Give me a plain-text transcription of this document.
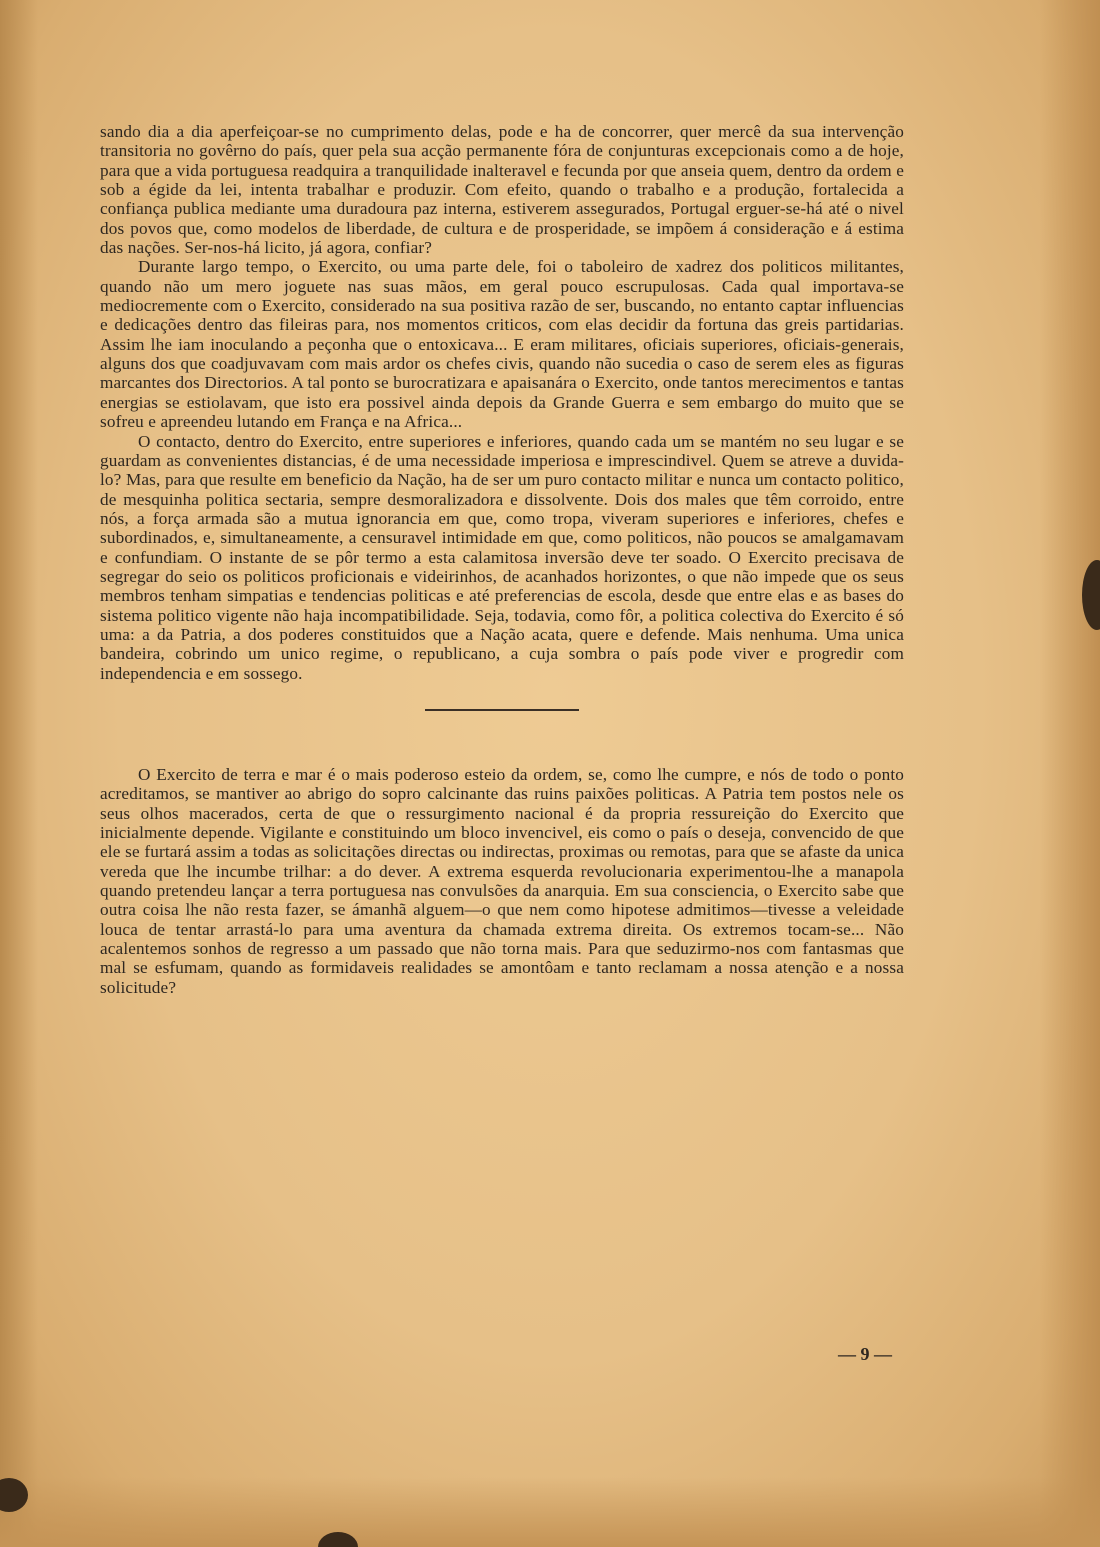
sando dia a dia aperfeiçoar-se no cumprimento delas, pode e ha de concorrer, quer mercê da sua intervenção transitoria no govêrno do país, quer pela sua acção permanente fóra de conjunturas excepcionais como a de hoje, para que a vida portuguesa readquira a tranquilidade inalteravel e fecunda por que anseia quem, dentro da ordem e sob a égide da lei, intenta trabalhar e produzir. Com efeito, quando o trabalho e a produção, fortalecida a confiança publica mediante uma duradoura paz interna, estiverem assegurados, Portugal erguer-se-há até o nivel dos povos que, como modelos de liberdade, de cultura e de prosperidade, se impõem á consideração e á estima das nações. Ser-nos-há licito, já agora, confiar?

Durante largo tempo, o Exercito, ou uma parte dele, foi o taboleiro de xadrez dos politicos militantes, quando não um mero joguete nas suas mãos, em geral pouco escrupulosas. Cada qual importava-se mediocremente com o Exercito, considerado na sua positiva razão de ser, buscando, no entanto captar influencias e dedicações dentro das fileiras para, nos momentos criticos, com elas decidir da fortuna das greis partidarias. Assim lhe iam inoculando a peçonha que o entoxicava... E eram militares, oficiais superiores, oficiais-generais, alguns dos que coadjuvavam com mais ardor os chefes civis, quando não sucedia o caso de serem eles as figuras marcantes dos Directorios. A tal ponto se burocratizara e apaisanára o Exercito, onde tantos merecimentos e tantas energias se estiolavam, que isto era possivel ainda depois da Grande Guerra e sem embargo do muito que se sofreu e apreendeu lutando em França e na Africa...

O contacto, dentro do Exercito, entre superiores e inferiores, quando cada um se mantém no seu lugar e se guardam as convenientes distancias, é de uma necessidade imperiosa e imprescindivel. Quem se atreve a duvida-lo? Mas, para que resulte em beneficio da Nação, ha de ser um puro contacto militar e nunca um contacto politico, de mesquinha politica sectaria, sempre desmoralizadora e dissolvente. Dois dos males que têm corroido, entre nós, a força armada são a mutua ignorancia em que, como tropa, viveram superiores e inferiores, chefes e subordinados, e, simultaneamente, a censuravel intimidade em que, como politicos, não poucos se amalgamavam e confundiam. O instante de se pôr termo a esta calamitosa inversão deve ter soado. O Exercito precisava de segregar do seio os politicos proficionais e videirinhos, de acanhados horizontes, o que não impede que os seus membros tenham simpatias e tendencias politicas e até preferencias de escola, desde que entre elas e as bases do sistema politico vigente não haja incompatibilidade. Seja, todavia, como fôr, a politica colectiva do Exercito é só uma: a da Patria, a dos poderes constituidos que a Nação acata, quere e defende. Mais nenhuma. Uma unica bandeira, cobrindo um unico regime, o republicano, a cuja sombra o país pode viver e progredir com independencia e em sossego.

O Exercito de terra e mar é o mais poderoso esteio da ordem, se, como lhe cumpre, e nós de todo o ponto acreditamos, se mantiver ao abrigo do sopro calcinante das ruins paixões politicas. A Patria tem postos nele os seus olhos macerados, certa de que o ressurgimento nacional é da propria ressureição do Exercito que inicialmente depende. Vigilante e constituindo um bloco invencivel, eis como o país o deseja, convencido de que ele se furtará assim a todas as solicitações directas ou indirectas, proximas ou remotas, para que se afaste da unica vereda que lhe incumbe trilhar: a do dever. A extrema esquerda revolucionaria experimentou-lhe a manapola quando pretendeu lançar a terra portuguesa nas convulsões da anarquia. Em sua consciencia, o Exercito sabe que outra coisa lhe não resta fazer, se ámanhã alguem—o que nem como hipotese admitimos—tivesse a veleidade louca de tentar arrastá-lo para uma aventura da chamada extrema direita. Os extremos tocam-se... Não acalentemos sonhos de regresso a um passado que não torna mais. Para que seduzirmo-nos com fantasmas que mal se esfumam, quando as formidaveis realidades se amontôam e tanto reclamam a nossa atenção e a nossa solicitude?

— 9 —
